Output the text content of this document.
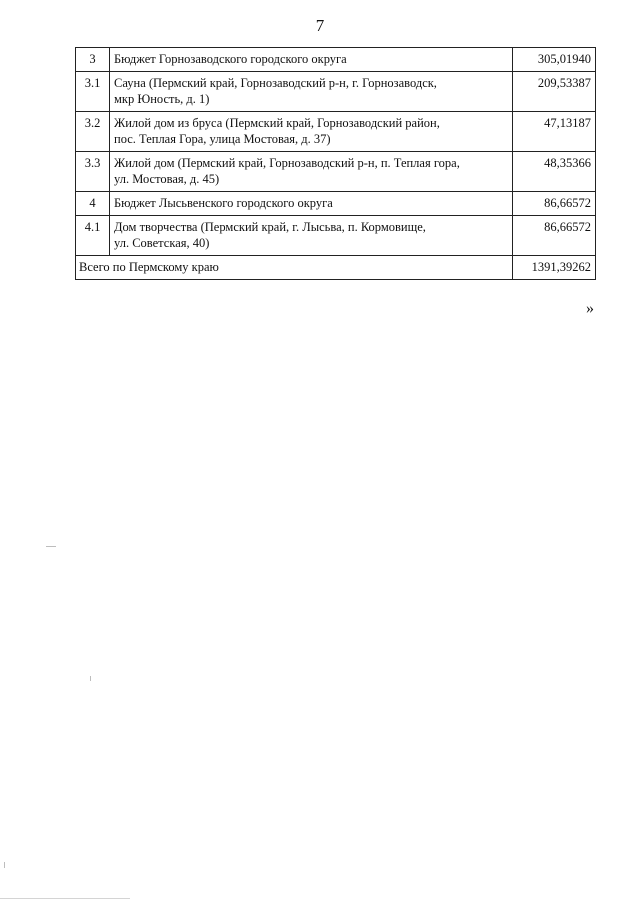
7
3	Бюджет Горнозаводского городского округа	305,01940
3.1	Сауна (Пермский край, Горнозаводский р-н, г. Горнозаводск,
мкр Юность, д. 1)	209,53387
3.2	Жилой дом из бруса (Пермский край, Горнозаводский район,
пос. Теплая Гора, улица Мостовая, д. 37)	47,13187
3.3	Жилой дом (Пермский край, Горнозаводский р-н, п. Теплая гора,
ул. Мостовая, д. 45)	48,35366
4	Бюджет Лысьвенского городского округа	86,66572
4.1	Дом творчества (Пермский край, г. Лысьва, п. Кормовище,
ул. Советская, 40)	86,66572
Всего по Пермскому краю		1391,39262
»
